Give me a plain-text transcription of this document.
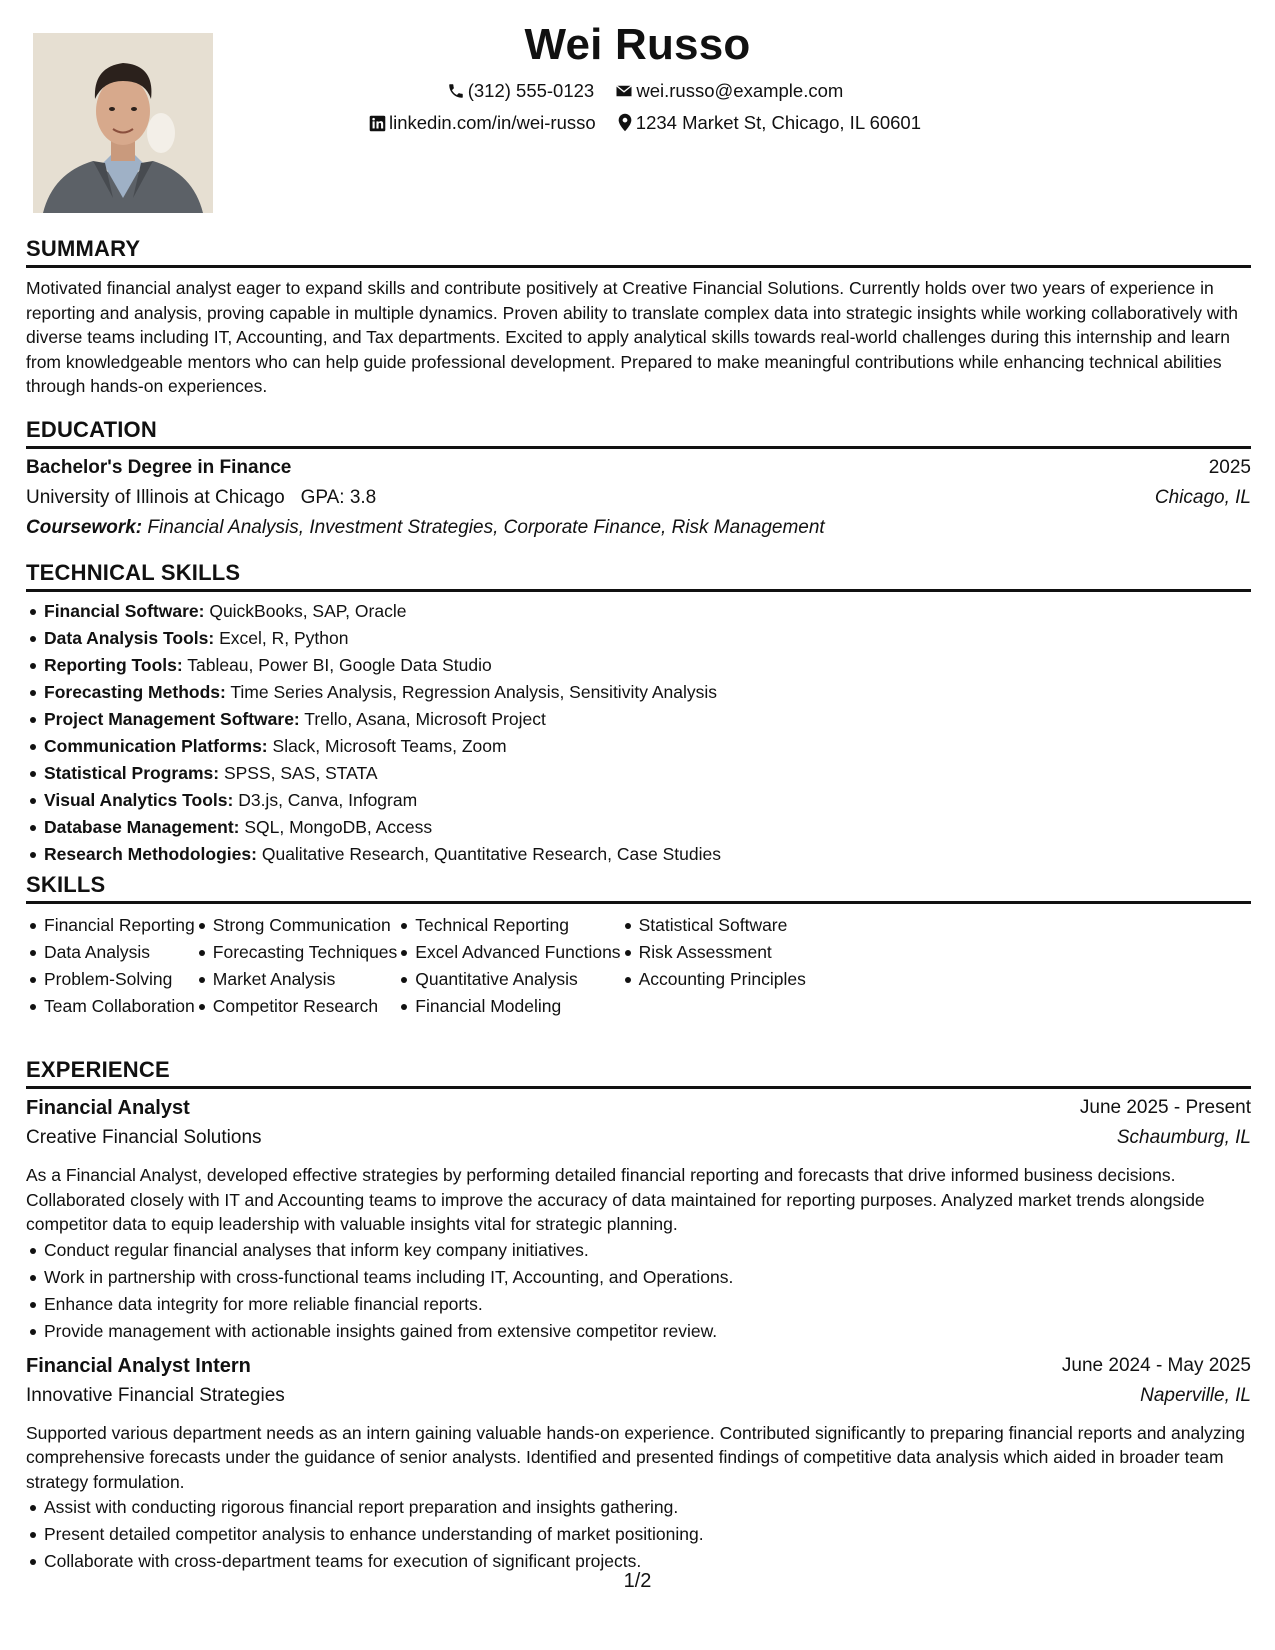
Wei Russo
(312) 555-0123 wei.russo@example.com
linkedin.com/in/wei-russo 1234 Market St, Chicago, IL 60601
SUMMARY
Motivated financial analyst eager to expand skills and contribute positively at Creative Financial Solutions. Currently holds over two years of experience in reporting and analysis, proving capable in multiple dynamics. Proven ability to translate complex data into strategic insights while working collaboratively with diverse teams including IT, Accounting, and Tax departments. Excited to apply analytical skills towards real-world challenges during this internship and learn from knowledgeable mentors who can help guide professional development. Prepared to make meaningful contributions while enhancing technical abilities through hands-on experiences.
EDUCATION
Bachelor's Degree in Finance	2025
University of Illinois at Chicago GPA: 3.8	Chicago, IL
Coursework: Financial Analysis, Investment Strategies, Corporate Finance, Risk Management
TECHNICAL SKILLS
Financial Software: QuickBooks, SAP, Oracle
Data Analysis Tools: Excel, R, Python
Reporting Tools: Tableau, Power BI, Google Data Studio
Forecasting Methods: Time Series Analysis, Regression Analysis, Sensitivity Analysis
Project Management Software: Trello, Asana, Microsoft Project
Communication Platforms: Slack, Microsoft Teams, Zoom
Statistical Programs: SPSS, SAS, STATA
Visual Analytics Tools: D3.js, Canva, Infogram
Database Management: SQL, MongoDB, Access
Research Methodologies: Qualitative Research, Quantitative Research, Case Studies
SKILLS
Financial Reporting
Data Analysis
Problem-Solving
Team Collaboration
Strong Communication
Forecasting Techniques
Market Analysis
Competitor Research
Technical Reporting
Excel Advanced Functions
Quantitative Analysis
Financial Modeling
Statistical Software
Risk Assessment
Accounting Principles
EXPERIENCE
Financial Analyst	June 2025 - Present
Creative Financial Solutions	Schaumburg, IL
As a Financial Analyst, developed effective strategies by performing detailed financial reporting and forecasts that drive informed business decisions. Collaborated closely with IT and Accounting teams to improve the accuracy of data maintained for reporting purposes. Analyzed market trends alongside competitor data to equip leadership with valuable insights vital for strategic planning.
Conduct regular financial analyses that inform key company initiatives.
Work in partnership with cross-functional teams including IT, Accounting, and Operations.
Enhance data integrity for more reliable financial reports.
Provide management with actionable insights gained from extensive competitor review.
Financial Analyst Intern	June 2024 - May 2025
Innovative Financial Strategies	Naperville, IL
Supported various department needs as an intern gaining valuable hands-on experience. Contributed significantly to preparing financial reports and analyzing comprehensive forecasts under the guidance of senior analysts. Identified and presented findings of competitive data analysis which aided in broader team strategy formulation.
Assist with conducting rigorous financial report preparation and insights gathering.
Present detailed competitor analysis to enhance understanding of market positioning.
Collaborate with cross-department teams for execution of significant projects.
1/2
